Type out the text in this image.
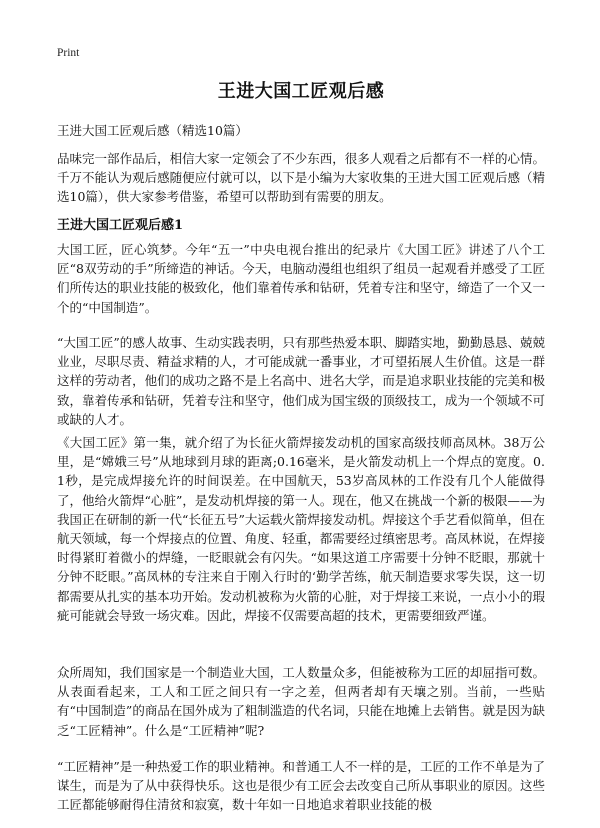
Print
王进大国工匠观后感

王进大国工匠观后感（精选10篇）

品味完一部作品后，相信大家一定领会了不少东西，很多人观看之后都有不一样的心情。千万不能认为观后感随便应付就可以，以下是小编为大家收集的王进大国工匠观后感（精选10篇），供大家参考借鉴，希望可以帮助到有需要的朋友。

王进大国工匠观后感1

大国工匠，匠心筑梦。今年“五一”中央电视台推出的纪录片《大国工匠》讲述了八个工匠“8双劳动的手”所缔造的神话。今天，电脑动漫组也组织了组员一起观看并感受了工匠们所传达的职业技能的极致化，他们靠着传承和钻研，凭着专注和坚守，缔造了一个又一个的“中国制造”。

“大国工匠”的感人故事、生动实践表明，只有那些热爱本职、脚踏实地，勤勤恳恳、兢兢业业，尽职尽责、精益求精的人，才可能成就一番事业，才可望拓展人生价值。这是一群这样的劳动者，他们的成功之路不是上名高中、进名大学，而是追求职业技能的完美和极致，靠着传承和钻研，凭着专注和坚守，他们成为国宝级的顶级技工，成为一个领域不可或缺的人才。

《大国工匠》第一集，就介绍了为长征火箭焊接发动机的国家高级技师高凤林。38万公里，是“嫦娥三号”从地球到月球的距离;0.16毫米，是火箭发动机上一个焊点的宽度。0.1秒，是完成焊接允许的时间误差。在中国航天，53岁高凤林的工作没有几个人能做得了，他给火箭焊“心脏”，是发动机焊接的第一人。现在，他又在挑战一个新的极限——为我国正在研制的新一代“长征五号”大运载火箭焊接发动机。焊接这个手艺看似简单，但在航天领域，每一个焊接点的位置、角度、轻重，都需要经过缜密思考。高凤林说，在焊接时得紧盯着微小的焊缝，一眨眼就会有闪失。“如果这道工序需要十分钟不眨眼，那就十分钟不眨眼。”高凤林的专注来自于刚入行时的‘勤学苦练，航天制造要求零失误，这一切都需要从扎实的基本功开始。发动机被称为火箭的心脏，对于焊接工来说，一点小小的瑕疵可能就会导致一场灾难。因此，焊接不仅需要高超的技术，更需要细致严谨。

众所周知，我们国家是一个制造业大国，工人数量众多，但能被称为工匠的却屈指可数。从表面看起来，工人和工匠之间只有一字之差，但两者却有天壤之别。当前，一些贴有“中国制造”的商品在国外成为了粗制滥造的代名词，只能在地摊上去销售。就是因为缺乏“工匠精神”。什么是“工匠精神”呢?

“工匠精神”是一种热爱工作的职业精神。和普通工人不一样的是，工匠的工作不单是为了谋生，而是为了从中获得快乐。这也是很少有工匠会去改变自己所从事职业的原因。这些工匠都能够耐得住清贫和寂寞，数十年如一日地追求着职业技能的极
